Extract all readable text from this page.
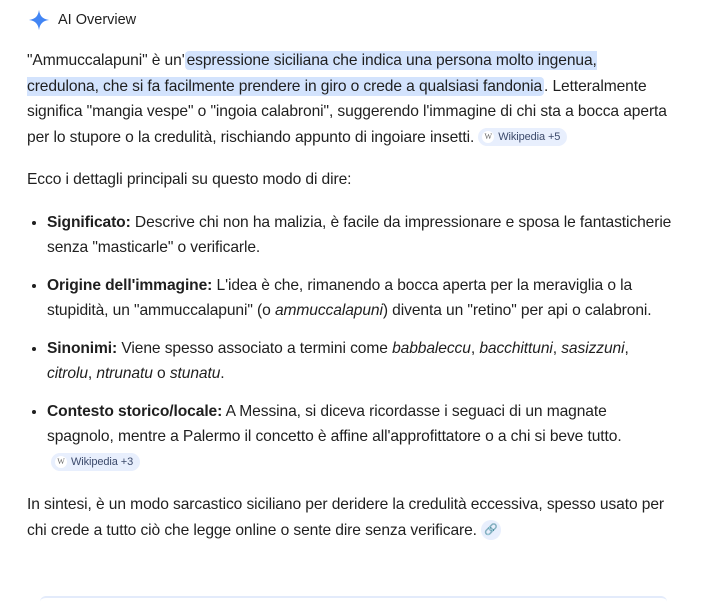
AI Overview

"Ammuccalapuni" è un' espressione siciliana che indica una persona molto ingenua, credulona, che si fa facilmente prendere in giro o crede a qualsiasi fandonia . Letteralmente significa "mangia vespe" o "ingoia calabroni", suggerendo l'immagine di chi sta a bocca aperta per lo stupore o la credulità, rischiando appunto di ingoiare insetti. W Wikipedia +5

Ecco i dettagli principali su questo modo di dire:

• Significato: Descrive chi non ha malizia, è facile da impressionare e sposa le fantasticherie senza "masticarle" o verificarle.
• Origine dell'immagine: L'idea è che, rimanendo a bocca aperta per la meraviglia o la stupidità, un "ammuccalapuni" (o ammuccalapuni) diventa un "retino" per api o calabroni.
• Sinonimi: Viene spesso associato a termini come babbaleccu, bacchittuni, sasizzuni, citrolu, ntrunatu o stunatu.
• Contesto storico/locale: A Messina, si diceva ricordasse i seguaci di un magnate spagnolo, mentre a Palermo il concetto è affine all'approfittatore o a chi si beve tutto.
W Wikipedia +3

In sintesi, è un modo sarcastico siciliano per deridere la credulità eccessiva, spesso usato per chi crede a tutto ciò che legge online o sente dire senza verificare. 🔗
